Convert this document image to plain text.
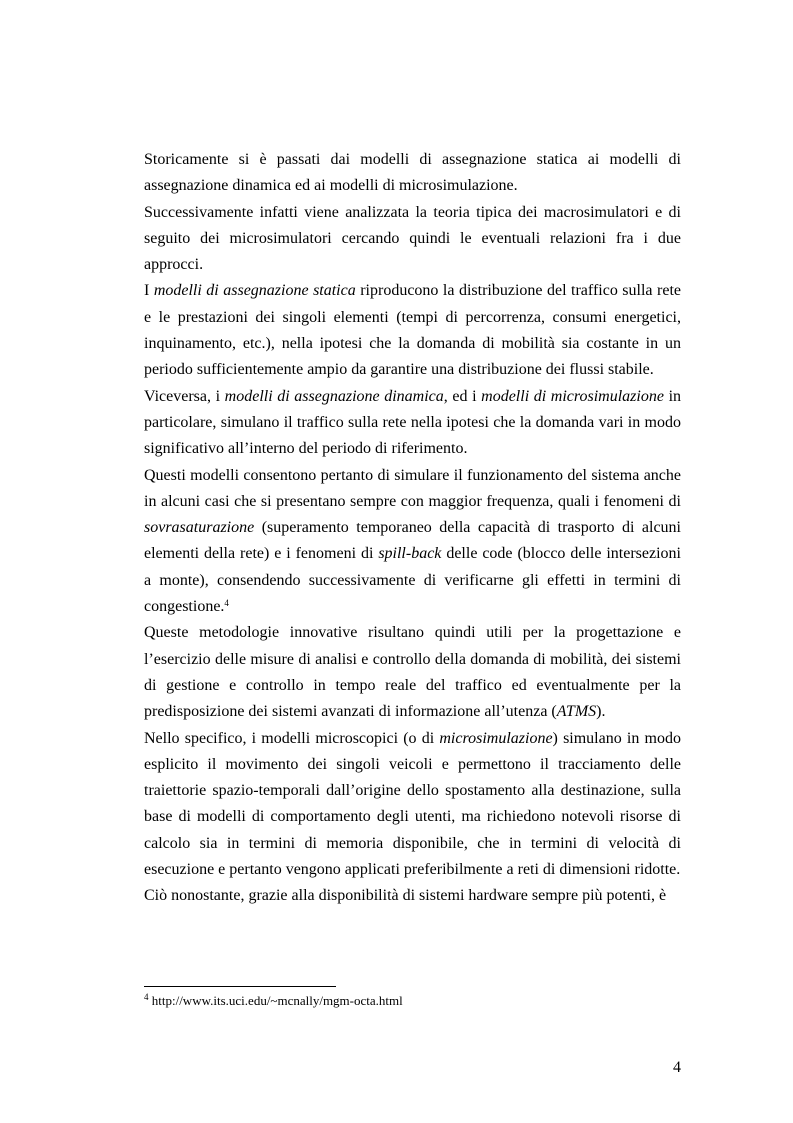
Storicamente si è passati dai modelli di assegnazione statica ai modelli di assegnazione dinamica ed ai modelli di microsimulazione.

Successivamente infatti viene analizzata la teoria tipica dei macrosimulatori e di seguito dei microsimulatori cercando quindi le eventuali relazioni fra i due approcci.

I modelli di assegnazione statica riproducono la distribuzione del traffico sulla rete e le prestazioni dei singoli elementi (tempi di percorrenza, consumi energetici, inquinamento, etc.), nella ipotesi che la domanda di mobilità sia costante in un periodo sufficientemente ampio da garantire una distribuzione dei flussi stabile.

Viceversa, i modelli di assegnazione dinamica, ed i modelli di microsimulazione in particolare, simulano il traffico sulla rete nella ipotesi che la domanda vari in modo significativo all’interno del periodo di riferimento.

Questi modelli consentono pertanto di simulare il funzionamento del sistema anche in alcuni casi che si presentano sempre con maggior frequenza, quali i fenomeni di sovrasaturazione (superamento temporaneo della capacità di trasporto di alcuni elementi della rete) e i fenomeni di spill-back delle code (blocco delle intersezioni a monte), consendendo successivamente di verificarne gli effetti in termini di congestione.$^4$

Queste metodologie innovative risultano quindi utili per la progettazione e l’esercizio delle misure di analisi e controllo della domanda di mobilità, dei sistemi di gestione e controllo in tempo reale del traffico ed eventualmente per la predisposizione dei sistemi avanzati di informazione all’utenza (ATMS).

Nello specifico, i modelli microscopici (o di microsimulazione) simulano in modo esplicito il movimento dei singoli veicoli e permettono il tracciamento delle traiettorie spazio-temporali dall’origine dello spostamento alla destinazione, sulla base di modelli di comportamento degli utenti, ma richiedono notevoli risorse di calcolo sia in termini di memoria disponibile, che in termini di velocità di esecuzione e pertanto vengono applicati preferibilmente a reti di dimensioni ridotte.

Ciò nonostante, grazie alla disponibilità di sistemi hardware sempre più potenti, è

$^4$ http://www.its.uci.edu/~mcnally/mgm-octa.html
4
